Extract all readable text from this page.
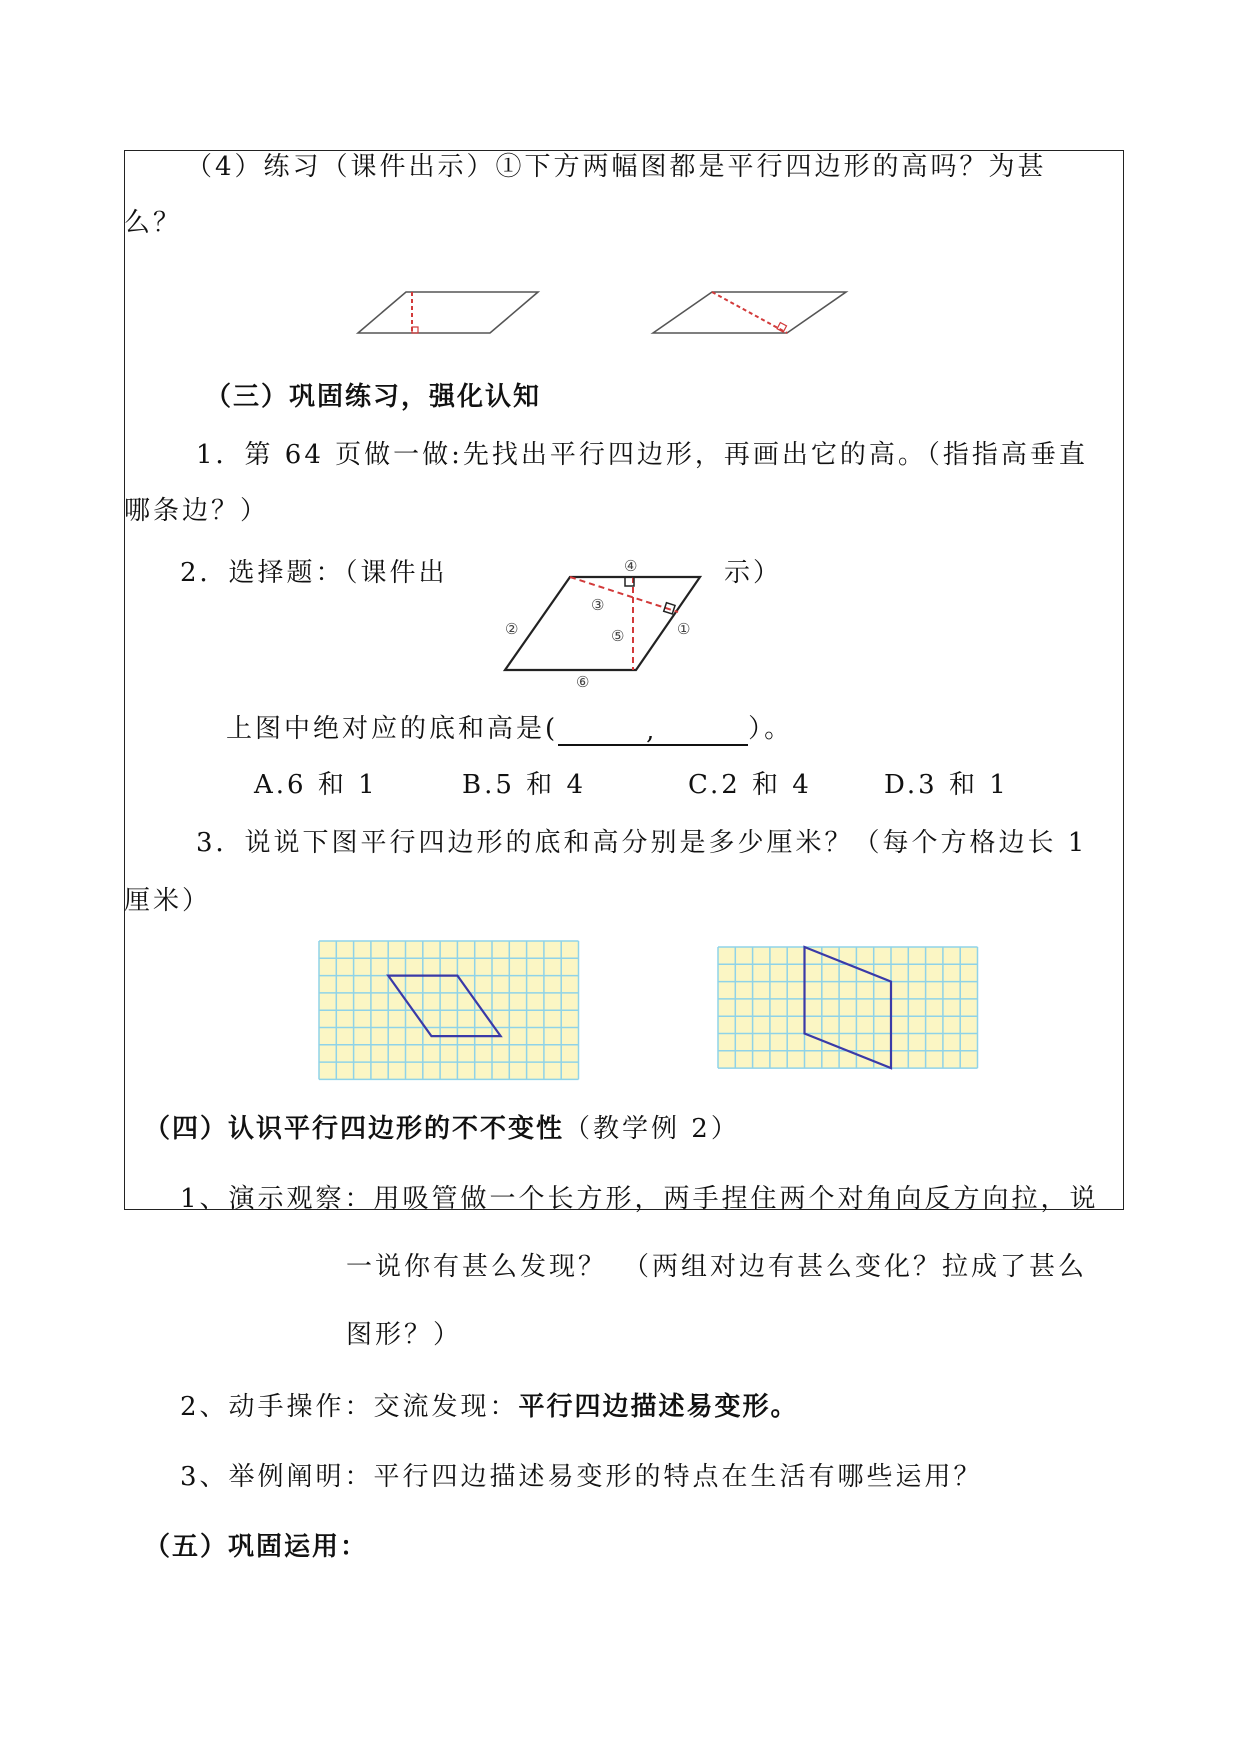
（4）练习（课件出示）①下方两幅图都是平行四边形的高吗？为甚
么？
（三）巩固练习，强化认知
1．第 64 页做一做:先找出平行四边形，再画出它的高。（指指高垂直
哪条边？）
2．选择题：（课件出	示）
④
③
⑤
②	①
⑥
上图中绝对应的底和高是(	,	）。
A.6 和 1	B.5 和 4	C.2 和 4	D.3 和 1
3．说说下图平行四边形的底和高分别是多少厘米？（每个方格边长 1
厘米）
（四）认识平行四边形的不不变性（教学例 2）
1、演示观察：用吸管做一个长方形，两手捏住两个对角向反方向拉，说
一说你有甚么发现？　（两组对边有甚么变化？拉成了甚么
图形？）
2、动手操作：交流发现：平行四边描述易变形。
3、举例阐明：平行四边描述易变形的特点在生活有哪些运用？
（五）巩固运用：
